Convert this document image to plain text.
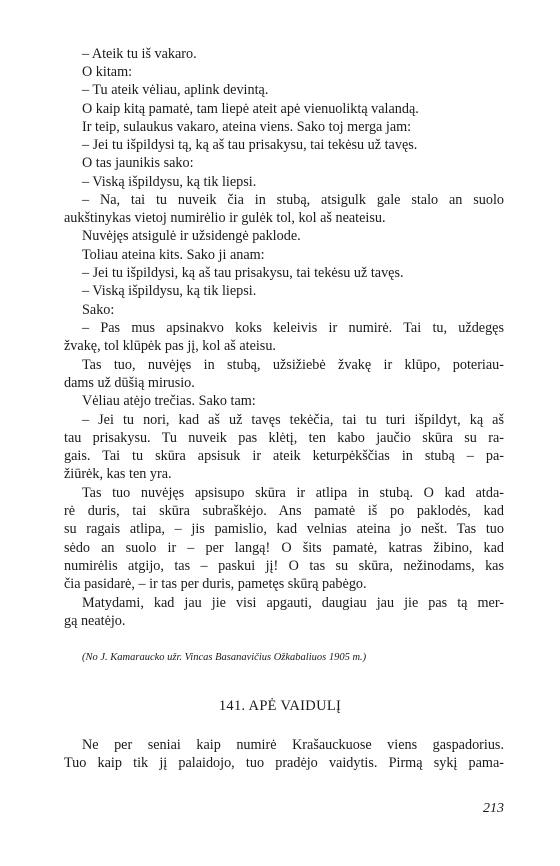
– Ateik tu iš vakaro.
O kitam:
– Tu ateik vėliau, aplink devintą.
O kaip kitą pamatė, tam liepė ateit apė vienuoliktą valandą.
Ir teip, sulaukus vakaro, ateina viens. Sako toj merga jam:
– Jei tu išpildysi tą, ką aš tau prisakysu, tai tekėsu už tavęs.
O tas jaunikis sako:
– Viską išpildysu, ką tik liepsi.
– Na, tai tu nuveik čia in stubą, atsigulk gale stalo an suolo
aukštinykas vietoj numirėlio ir gulėk tol, kol aš neateisu.
Nuvėjęs atsigulė ir užsidengė paklode.
Toliau ateina kits. Sako ji anam:
– Jei tu išpildysi, ką aš tau prisakysu, tai tekėsu už tavęs.
– Viską išpildysu, ką tik liepsi.
Sako:
– Pas mus apsinakvo koks keleivis ir numirė. Tai tu, uždegęs
žvakę, tol klūpėk pas jį, kol aš ateisu.
Tas tuo, nuvėjęs in stubą, užsižiebė žvakę ir klūpo, poteriau-
dams už dūšią mirusio.
Vėliau atėjo trečias. Sako tam:
– Jei tu nori, kad aš už tavęs tekėčia, tai tu turi išpildyt, ką aš
tau prisakysu. Tu nuveik pas klėtį, ten kabo jaučio skūra su ra-
gais. Tai tu skūra apsisuk ir ateik keturpėkščias in stubą – pa-
žiūrėk, kas ten yra.
Tas tuo nuvėjęs apsisupo skūra ir atlipa in stubą. O kad atda-
rė duris, tai skūra subraškėjo. Ans pamatė iš po paklodės, kad
su ragais atlipa, – jis pamislio, kad velnias ateina jo nešt. Tas tuo
sėdo an suolo ir – per langą! O šits pamatė, katras žibino, kad
numirėlis atgijo, tas – paskui jį! O tas su skūra, nežinodams, kas
čia pasidarė, – ir tas per duris, pametęs skūrą pabėgo.
Matydami, kad jau jie visi apgauti, daugiau jau jie pas tą mer-
gą neatėjo.
(No J. Kamaraucko užr. Vincas Basanavičius Ožkabaliuos 1905 m.)
141. APĖ VAIDULĮ
Ne per seniai kaip numirė Krašauckuose viens gaspadorius.
Tuo kaip tik jį palaidojo, tuo pradėjo vaidytis. Pirmą sykį pama-
213
